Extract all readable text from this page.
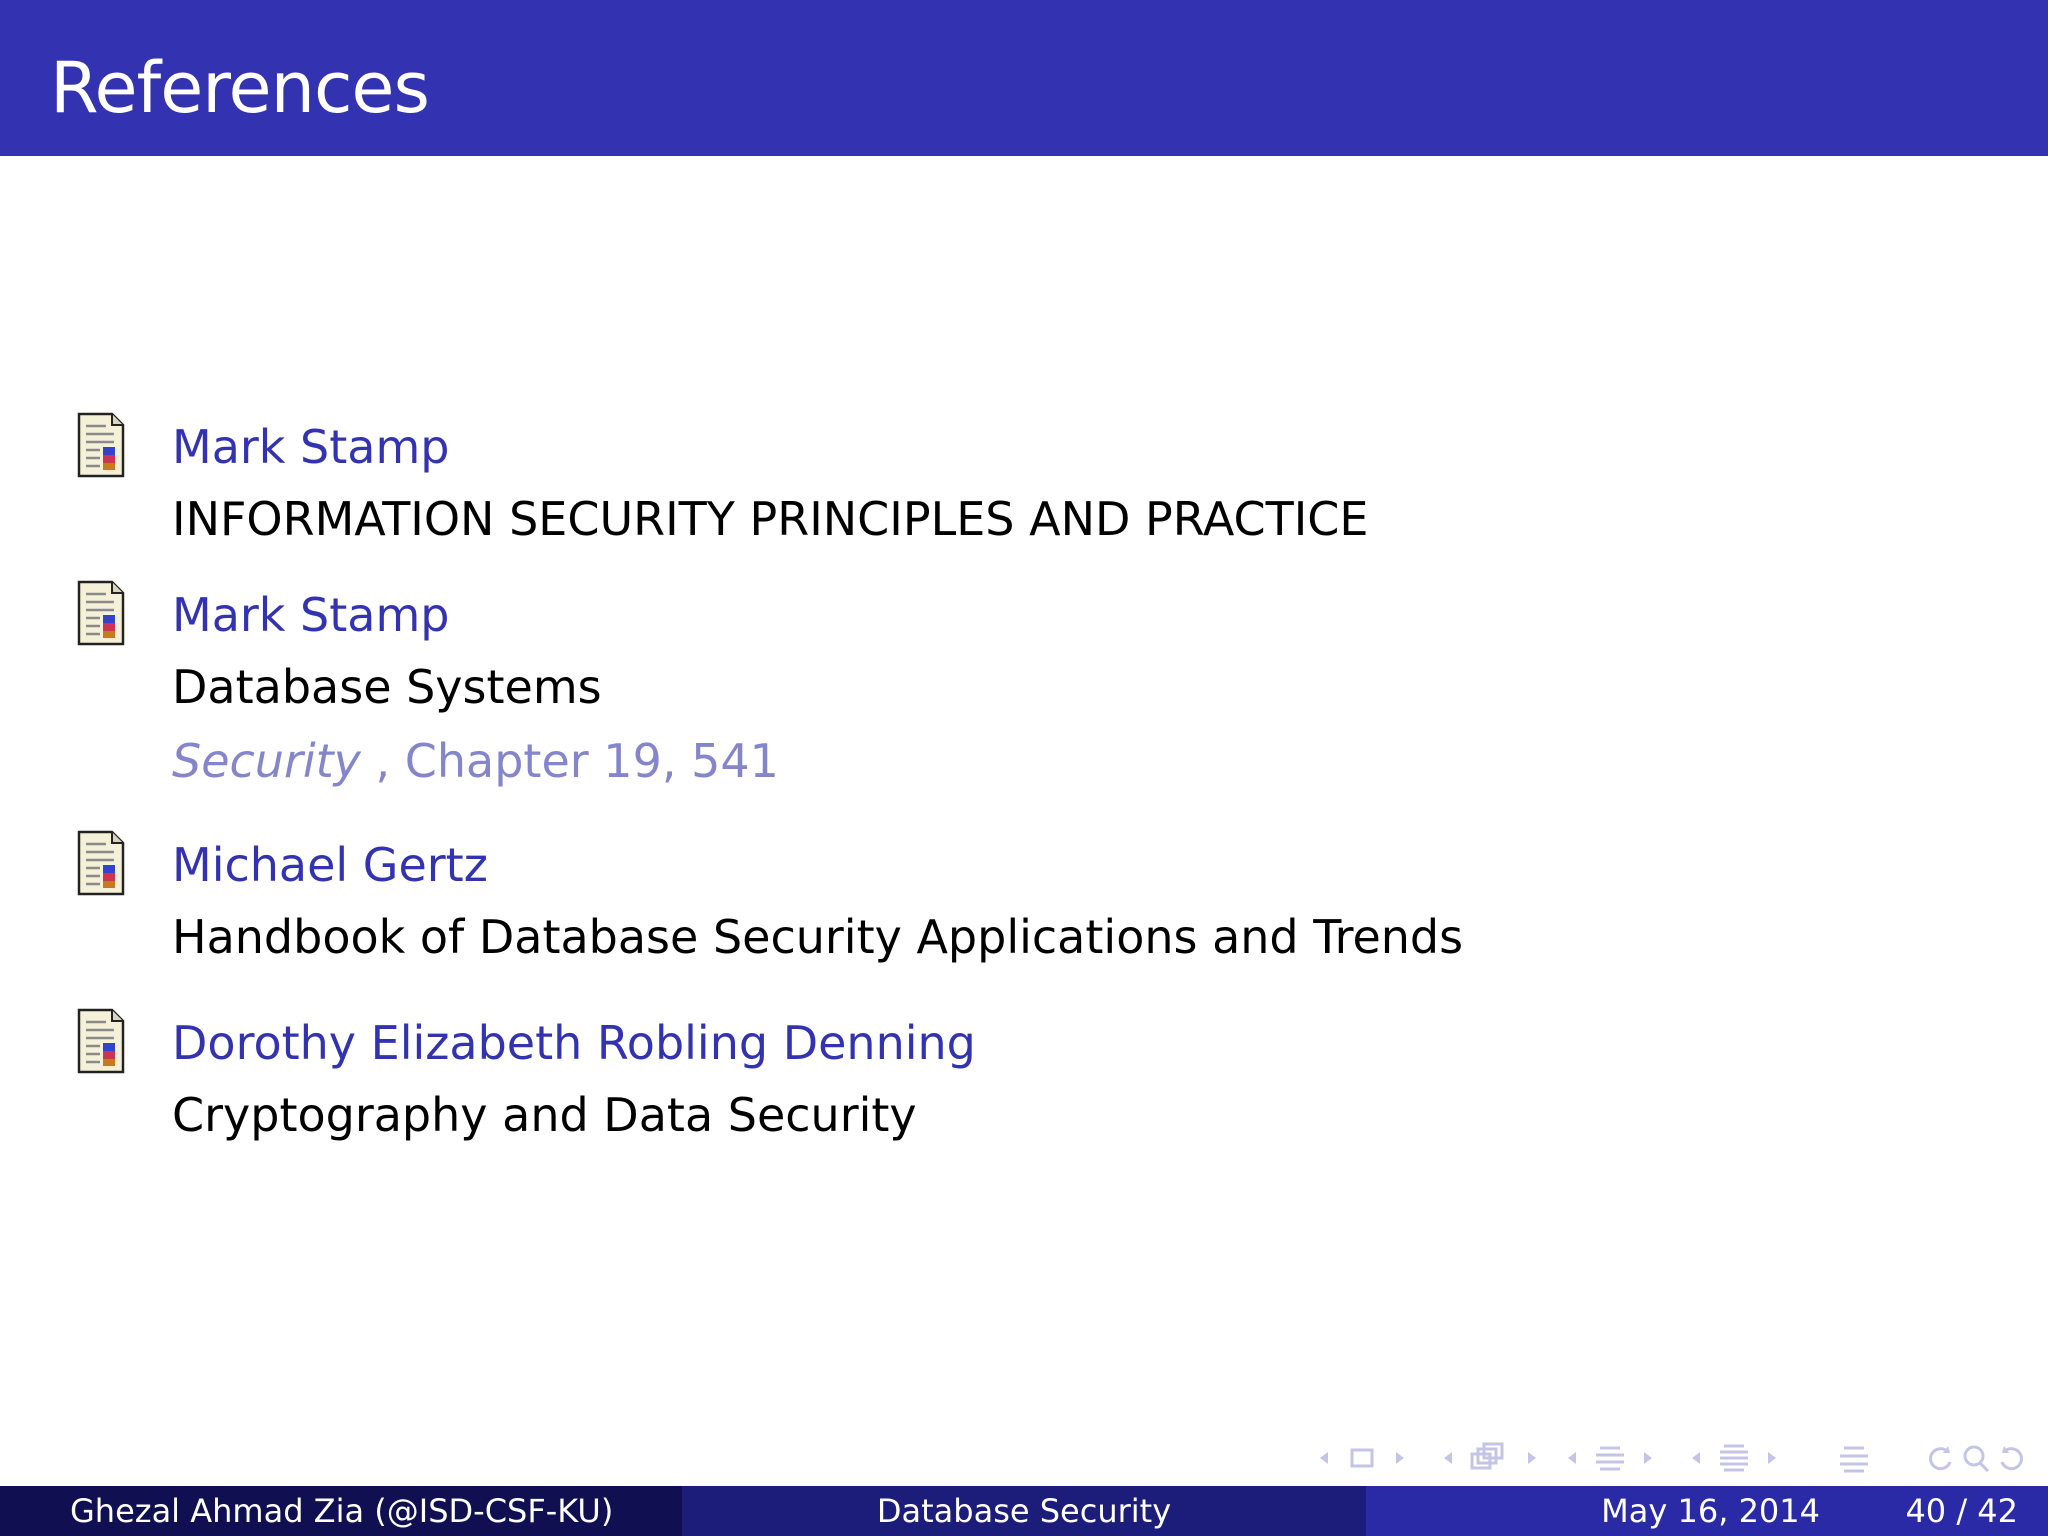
References
Mark Stamp
INFORMATION SECURITY PRINCIPLES AND PRACTICE
Mark Stamp
Database Systems
Security , Chapter 19, 541
Michael Gertz
Handbook of Database Security Applications and Trends
Dorothy Elizabeth Robling Denning
Cryptography and Data Security
Ghezal Ahmad Zia (@ISD-CSF-KU)	Database Security	May 16, 2014	40 / 42
